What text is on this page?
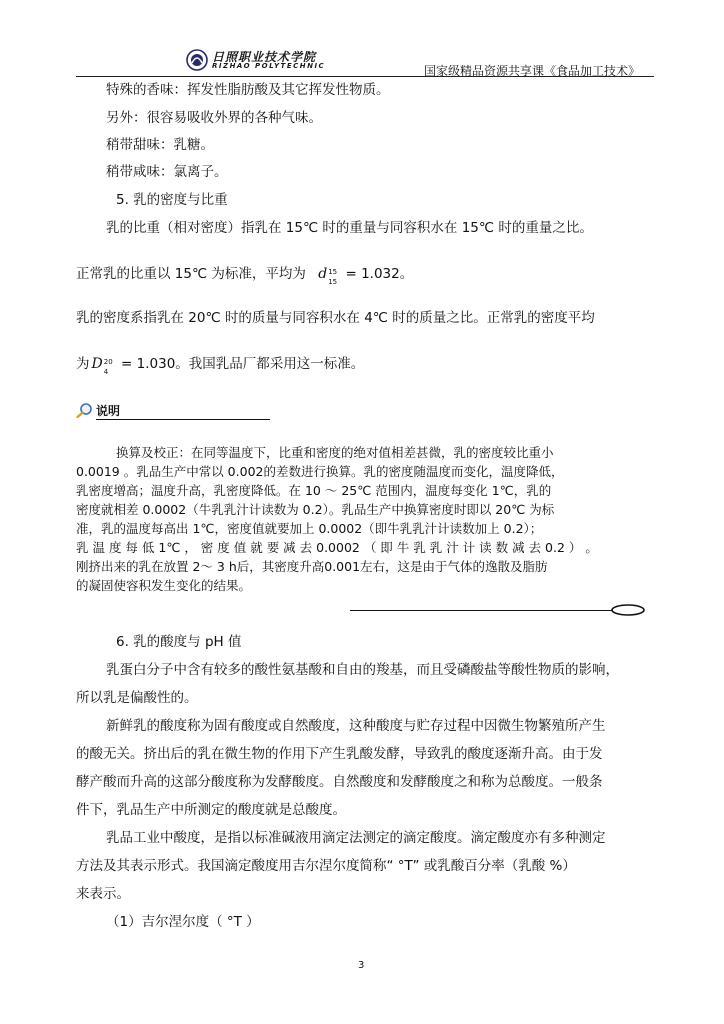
日照职业技术学院
RIZHAO POLYTECHNIC	国家级精品资源共享课《食品加工技术》
特殊的香味：挥发性脂肪酸及其它挥发性物质。
另外：很容易吸收外界的各种气味。
稍带甜味：乳糖。
稍带咸味：氯离子。
5. 乳的密度与比重
乳的比重（相对密度）指乳在 15℃ 时的重量与同容积水在 15℃ 时的重量之比。
正常乳的比重以 15℃ 为标准，平均为 d 15
15 = 1.032。
乳的密度系指乳在 20℃ 时的质量与同容积水在 4℃ 时的质量之比。正常乳的密度平均
为 D 20
4 = 1.030。我国乳品厂都采用这一标准。
说明
换算及校正：在同等温度下，比重和密度的绝对值相差甚微，乳的密度较比重小
0.0019 。乳品生产中常以 0.002的差数进行换算。乳的密度随温度而变化，温度降低，
乳密度增高；温度升高，乳密度降低。在 10 ～ 25℃ 范围内，温度每变化 1℃，乳的
密度就相差 0.0002（牛乳乳汁计读数为 0.2）。乳品生产中换算密度时即以 20℃ 为标
准，乳的温度每高出 1℃，密度值就要加上 0.0002（即牛乳乳汁计读数加上 0.2）；
乳 温 度 每 低 1℃ ， 密 度 值 就 要 减 去 0.0002 （ 即 牛 乳 乳 汁 计 读 数 减 去 0.2 ） 。
刚挤出来的乳在放置 2～ 3 h后，其密度升高0.001左右，这是由于气体的逸散及脂肪
的凝固使容积发生变化的结果。
6. 乳的酸度与 pH 值
乳蛋白分子中含有较多的酸性氨基酸和自由的羧基，而且受磷酸盐等酸性物质的影响，
所以乳是偏酸性的。
新鲜乳的酸度称为固有酸度或自然酸度，这种酸度与贮存过程中因微生物繁殖所产生
的酸无关。挤出后的乳在微生物的作用下产生乳酸发酵，导致乳的酸度逐渐升高。由于发
酵产酸而升高的这部分酸度称为发酵酸度。自然酸度和发酵酸度之和称为总酸度。一般条
件下，乳品生产中所测定的酸度就是总酸度。
乳品工业中酸度，是指以标准碱液用滴定法测定的滴定酸度。滴定酸度亦有多种测定
方法及其表示形式。我国滴定酸度用吉尔涅尔度简称“ °T” 或乳酸百分率（乳酸 %）
来表示。
（1）吉尔涅尔度（ °T ）
3
